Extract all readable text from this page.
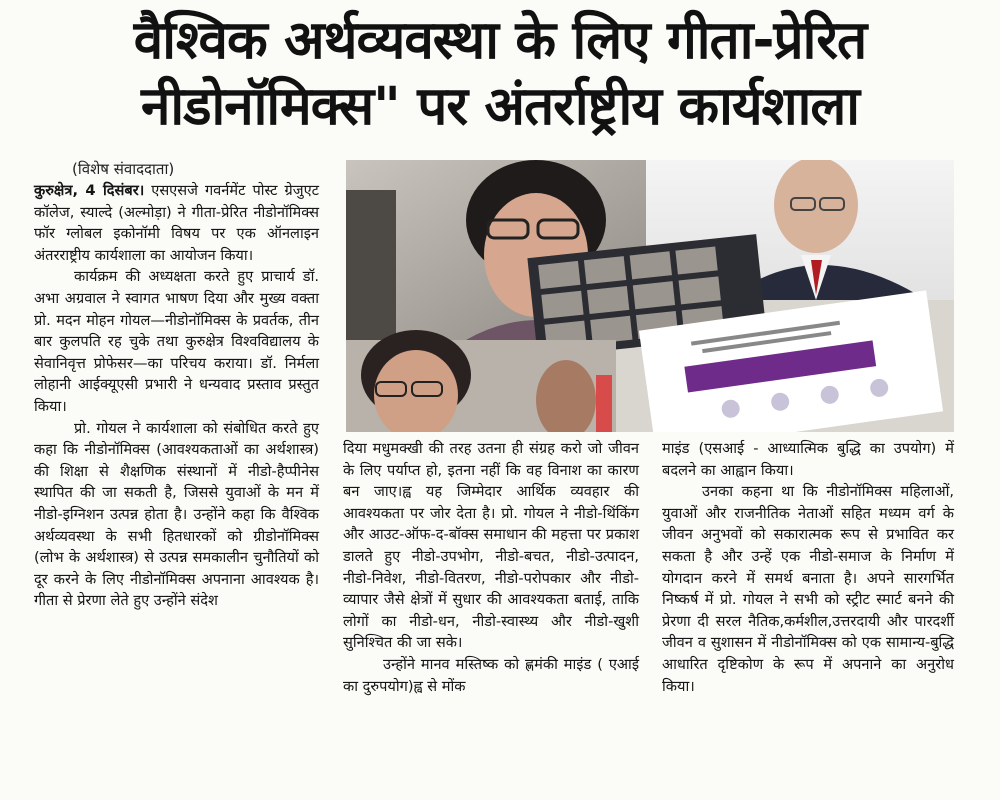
वैश्विक अर्थव्यवस्था के लिए गीता-प्रेरित
नीडोनॉमिक्स" पर अंतर्राष्ट्रीय कार्यशाला
(विशेष संवाददाता)

कुरुक्षेत्र, 4 दिसंबर। एसएसजे गवर्नमेंट पोस्ट ग्रेजुएट कॉलेज, स्याल्दे (अल्मोड़ा) ने गीता-प्रेरित नीडोनॉमिक्स फॉर ग्लोबल इकोनॉमी विषय पर एक ऑनलाइन अंतरराष्ट्रीय कार्यशाला का आयोजन किया।

कार्यक्रम की अध्यक्षता करते हुए प्राचार्य डॉ. अभा अग्रवाल ने स्वागत भाषण दिया और मुख्य वक्ता प्रो. मदन मोहन गोयल—नीडोनॉमिक्स के प्रवर्तक, तीन बार कुलपति रह चुके तथा कुरुक्षेत्र विश्वविद्यालय के सेवानिवृत्त प्रोफेसर—का परिचय कराया। डॉ. निर्मला लोहानी आईक्यूएसी प्रभारी ने धन्यवाद प्रस्ताव प्रस्तुत किया।

प्रो. गोयल ने कार्यशाला को संबोधित करते हुए कहा कि नीडोनॉमिक्स (आवश्यकताओं का अर्थशास्त्र) की शिक्षा से शैक्षणिक संस्थानों में नीडो-हैप्पीनेस स्थापित की जा सकती है, जिससे युवाओं के मन में नीडो-इग्निशन उत्पन्न होता है। उन्होंने कहा कि वैश्विक अर्थव्यवस्था के सभी हितधारकों को ग्रीडोनॉमिक्स (लोभ के अर्थशास्त्र) से उत्पन्न समकालीन चुनौतियों को दूर करने के लिए नीडोनॉमिक्स अपनाना आवश्यक है। गीता से प्रेरणा लेते हुए उन्होंने संदेश

दिया मधुमक्खी की तरह उतना ही संग्रह करो जो जीवन के लिए पर्याप्त हो, इतना नहीं कि वह विनाश का कारण बन जाए।ह्व यह जिम्मेदार आर्थिक व्यवहार की आवश्यकता पर जोर देता है। प्रो. गोयल ने नीडो-थिंकिंग और आउट-ऑफ-द-बॉक्स समाधान की महत्ता पर प्रकाश डालते हुए नीडो-उपभोग, नीडो-बचत, नीडो-उत्पादन, नीडो-निवेश, नीडो-वितरण, नीडो-परोपकार और नीडो-व्यापार जैसे क्षेत्रों में सुधार की आवश्यकता बताई, ताकि लोगों का नीडो-धन, नीडो-स्वास्थ्य और नीडो-खुशी सुनिश्चित की जा सके।

उन्होंने मानव मस्तिष्क को ह्णमंकी माइंड ( एआई का दुरुपयोग)ह्व से मोंक

माइंड (एसआई - आध्यात्मिक बुद्धि का उपयोग) में बदलने का आह्वान किया।

उनका कहना था कि नीडोनॉमिक्स महिलाओं, युवाओं और राजनीतिक नेताओं सहित मध्यम वर्ग के जीवन अनुभवों को सकारात्मक रूप से प्रभावित कर सकता है और उन्हें एक नीडो-समाज के निर्माण में योगदान करने में समर्थ बनाता है। अपने सारगर्भित निष्कर्ष में प्रो. गोयल ने सभी को स्ट्रीट स्मार्ट बनने की प्रेरणा दी सरल नैतिक,कर्मशील,उत्तरदायी और पारदर्शी जीवन व सुशासन में नीडोनॉमिक्स को एक सामान्य-बुद्धि आधारित दृष्टिकोण के रूप में अपनाने का अनुरोध किया।
